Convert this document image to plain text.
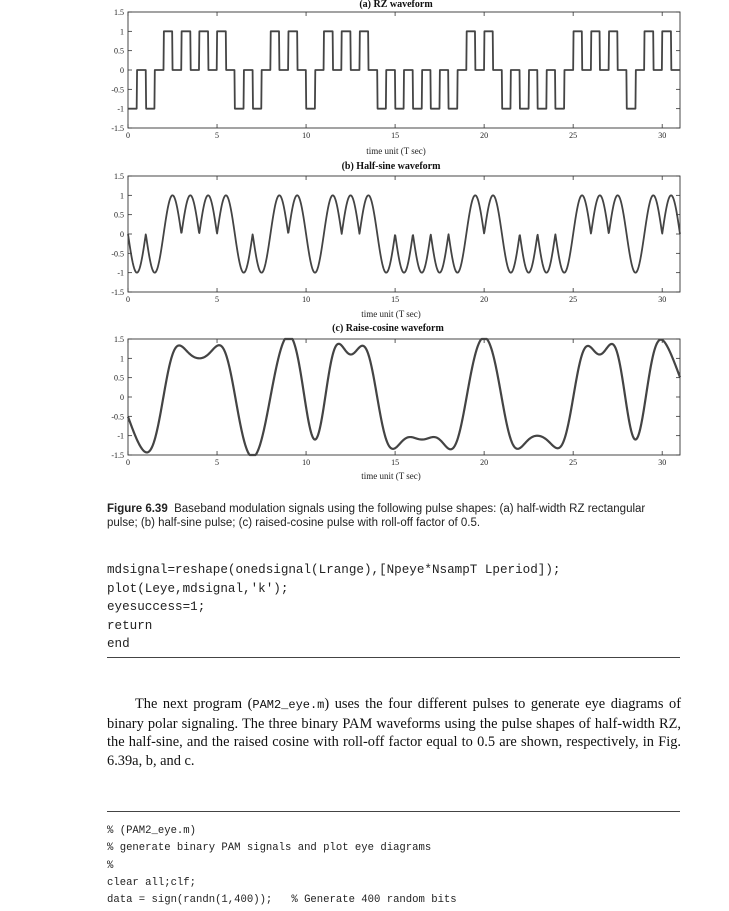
(a) RZ waveform
0	5	10	15	20	25	30
1.5
1
0.5
0
-0.5
-1
-1.5
time unit (T sec)
(b) Half-sine waveform
0	5	10	15	20	25	30
1.5
1
0.5
0
-0.5
-1
-1.5
time unit (T sec)
(c) Raise-cosine waveform
0	5	10	15	20	25	30
1.5
1
0.5
0
-0.5
-1
-1.5
time unit (T sec)
Figure 6.39 Baseband modulation signals using the following pulse shapes: (a) half-width RZ rectangular pulse; (b) half-sine pulse; (c) raised-cosine pulse with roll-off factor of 0.5.
mdsignal=reshape(onedsignal(Lrange),[Npeye*NsampT Lperiod]);
plot(Leye,mdsignal,'k');
eyesuccess=1;
return
end

The next program (PAM2_eye.m) uses the four different pulses to generate eye diagrams of binary polar signaling. The three binary PAM waveforms using the pulse shapes of half-width RZ, the half-sine, and the raised cosine with roll-off factor equal to 0.5 are shown, respectively, in Fig. 6.39a, b, and c.

% (PAM2_eye.m)
% generate binary PAM signals and plot eye diagrams
%
clear all;clf;
data = sign(randn(1,400));   % Generate 400 random bits
